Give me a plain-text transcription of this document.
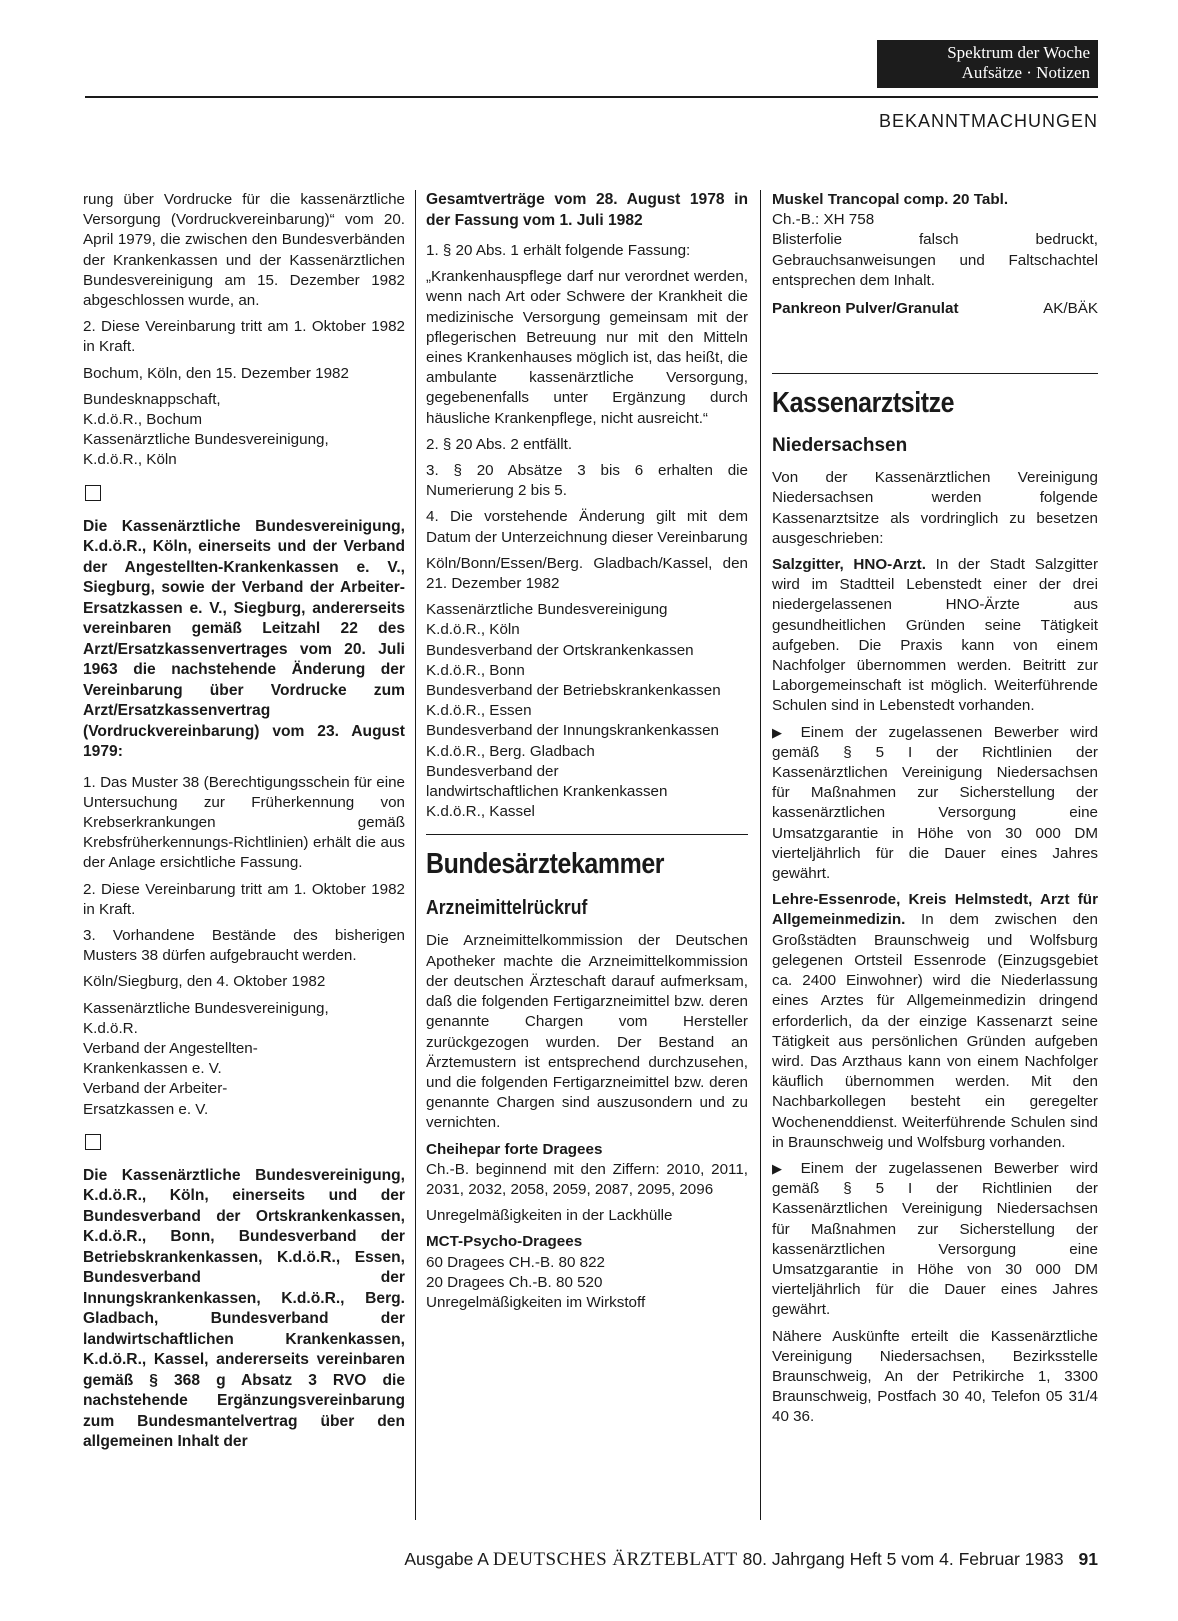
Spektrum der Woche
Aufsätze · Notizen
BEKANNTMACHUNGEN

rung über Vordrucke für die kassenärztliche Versorgung (Vordruckvereinbarung)“ vom 20. April 1979, die zwischen den Bundesverbänden der Krankenkassen und der Kassenärztlichen Bundesvereinigung am 15. Dezember 1982 abgeschlossen wurde, an.

2. Diese Vereinbarung tritt am 1. Oktober 1982 in Kraft.

Bochum, Köln, den 15. Dezember 1982

Bundesknappschaft,
K.d.ö.R., Bochum
Kassenärztliche Bundesvereinigung,
K.d.ö.R., Köln

Die Kassenärztliche Bundesvereinigung, K.d.ö.R., Köln, einerseits und der Verband der Angestellten-Krankenkassen e. V., Siegburg, sowie der Verband der Arbeiter-Ersatzkassen e. V., Siegburg, andererseits vereinbaren gemäß Leitzahl 22 des Arzt/Ersatzkassenvertrages vom 20. Juli 1963 die nachstehende Änderung der Vereinbarung über Vordrucke zum Arzt/Ersatzkassenvertrag (Vordruckvereinbarung) vom 23. August 1979:

1. Das Muster 38 (Berechtigungsschein für eine Untersuchung zur Früherkennung von Krebserkrankungen gemäß Krebsfrüherkennungs-Richtlinien) erhält die aus der Anlage ersichtliche Fassung.

2. Diese Vereinbarung tritt am 1. Oktober 1982 in Kraft.

3. Vorhandene Bestände des bisherigen Musters 38 dürfen aufgebraucht werden.

Köln/Siegburg, den 4. Oktober 1982

Kassenärztliche Bundesvereinigung,
K.d.ö.R.
Verband der Angestellten-
Krankenkassen e. V.
Verband der Arbeiter-
Ersatzkassen e. V.

Die Kassenärztliche Bundesvereinigung, K.d.ö.R., Köln, einerseits und der Bundesverband der Ortskrankenkassen, K.d.ö.R., Bonn, Bundesverband der Betriebskrankenkassen, K.d.ö.R., Essen, Bundesverband der Innungskrankenkassen, K.d.ö.R., Berg. Gladbach, Bundesverband der landwirtschaftlichen Krankenkassen, K.d.ö.R., Kassel, andererseits vereinbaren gemäß § 368 g Absatz 3 RVO die nachstehende Ergänzungsvereinbarung zum Bundesmantelvertrag über den allgemeinen Inhalt der

Gesamtverträge vom 28. August 1978 in der Fassung vom 1. Juli 1982

1. § 20 Abs. 1 erhält folgende Fassung:

„Krankenhauspflege darf nur verordnet werden, wenn nach Art oder Schwere der Krankheit die medizinische Versorgung gemeinsam mit der pflegerischen Betreuung nur mit den Mitteln eines Krankenhauses möglich ist, das heißt, die ambulante kassenärztliche Versorgung, gegebenenfalls unter Ergänzung durch häusliche Krankenpflege, nicht ausreicht.“

2. § 20 Abs. 2 entfällt.

3. § 20 Absätze 3 bis 6 erhalten die Numerierung 2 bis 5.

4. Die vorstehende Änderung gilt mit dem Datum der Unterzeichnung dieser Vereinbarung

Köln/Bonn/Essen/Berg. Gladbach/Kassel, den 21. Dezember 1982

Kassenärztliche Bundesvereinigung
K.d.ö.R., Köln
Bundesverband der Ortskrankenkassen
K.d.ö.R., Bonn
Bundesverband der Betriebskrankenkassen
K.d.ö.R., Essen
Bundesverband der Innungskrankenkassen
K.d.ö.R., Berg. Gladbach
Bundesverband der
landwirtschaftlichen Krankenkassen
K.d.ö.R., Kassel
Bundesärztekammer
Arzneimittelrückruf

Die Arzneimittelkommission der Deutschen Apotheker machte die Arzneimittelkommission der deutschen Ärzteschaft darauf aufmerksam, daß die folgenden Fertigarzneimittel bzw. deren genannte Chargen vom Hersteller zurückgezogen wurden. Der Bestand an Ärztemustern ist entsprechend durchzusehen, und die folgenden Fertigarzneimittel bzw. deren genannte Chargen sind auszusondern und zu vernichten.

Cheihepar forte Dragees

Ch.-B. beginnend mit den Ziffern: 2010, 2011, 2031, 2032, 2058, 2059, 2087, 2095, 2096

Unregelmäßigkeiten in der Lackhülle

MCT-Psycho-Dragees
60 Dragees CH.-B. 80 822
20 Dragees Ch.-B. 80 520
Unregelmäßigkeiten im Wirkstoff
Muskel Trancopal comp. 20 Tabl.
Ch.-B.: XH 758

Blisterfolie falsch bedruckt, Gebrauchsanweisungen und Faltschachtel entsprechen dem Inhalt.

Pankreon Pulver/Granulat	AK/BÄK
Kassenarztsitze
Niedersachsen

Von der Kassenärztlichen Vereinigung Niedersachsen werden folgende Kassenarztsitze als vordringlich zu besetzen ausgeschrieben:

Salzgitter, HNO-Arzt. In der Stadt Salzgitter wird im Stadtteil Lebenstedt einer der drei niedergelassenen HNO-Ärzte aus gesundheitlichen Gründen seine Tätigkeit aufgeben. Die Praxis kann von einem Nachfolger übernommen werden. Beitritt zur Laborgemeinschaft ist möglich. Weiterführende Schulen sind in Lebenstedt vorhanden.

▶ Einem der zugelassenen Bewerber wird gemäß § 5 I der Richtlinien der Kassenärztlichen Vereinigung Niedersachsen für Maßnahmen zur Sicherstellung der kassenärztlichen Versorgung eine Umsatzgarantie in Höhe von 30 000 DM vierteljährlich für die Dauer eines Jahres gewährt.

Lehre-Essenrode, Kreis Helmstedt, Arzt für Allgemeinmedizin. In dem zwischen den Großstädten Braunschweig und Wolfsburg gelegenen Ortsteil Essenrode (Einzugsgebiet ca. 2400 Einwohner) wird die Niederlassung eines Arztes für Allgemeinmedizin dringend erforderlich, da der einzige Kassenarzt seine Tätigkeit aus persönlichen Gründen aufgeben wird. Das Arzthaus kann von einem Nachfolger käuflich übernommen werden. Mit den Nachbarkollegen besteht ein geregelter Wochenenddienst. Weiterführende Schulen sind in Braunschweig und Wolfsburg vorhanden.

▶ Einem der zugelassenen Bewerber wird gemäß § 5 I der Richtlinien der Kassenärztlichen Vereinigung Niedersachsen für Maßnahmen zur Sicherstellung der kassenärztlichen Versorgung eine Umsatzgarantie in Höhe von 30 000 DM vierteljährlich für die Dauer eines Jahres gewährt.

Nähere Auskünfte erteilt die Kassenärztliche Vereinigung Niedersachsen, Bezirksstelle Braunschweig, An der Petrikirche 1, 3300 Braunschweig, Postfach 30 40, Telefon 05 31/4 40 36.

Ausgabe A DEUTSCHES ÄRZTEBLATT 80. Jahrgang Heft 5 vom 4. Februar 1983 91
